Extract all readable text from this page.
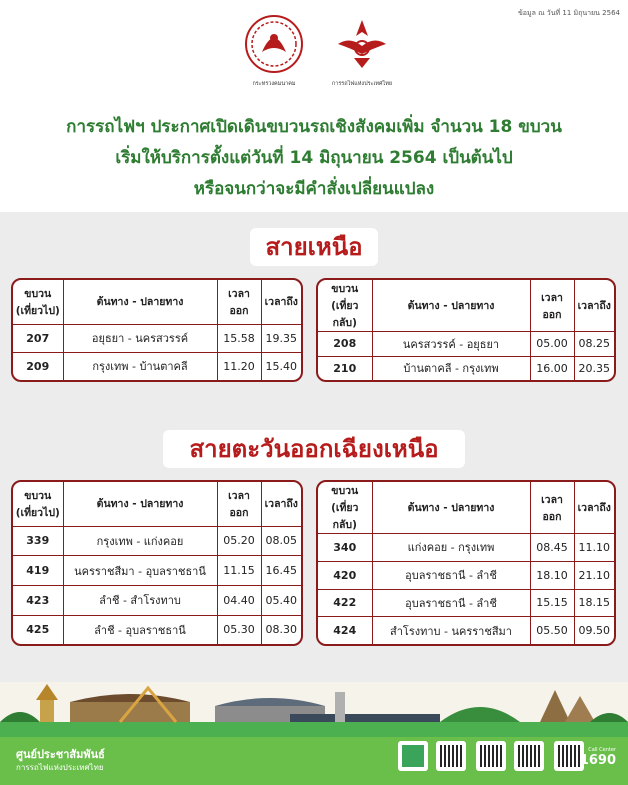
ข้อมูล ณ วันที่ 11 มิถุนายน 2564
กระทรวงคมนาคม	การรถไฟแห่งประเทศไทย
การรถไฟฯ ประกาศเปิดเดินขบวนรถเชิงสังคมเพิ่ม จำนวน 18 ขบวน
เริ่มให้บริการตั้งแต่วันที่ 14 มิถุนายน 2564 เป็นต้นไป
หรือจนกว่าจะมีคำสั่งเปลี่ยนแปลง
สายเหนือ
ขบวน
(เที่ยวไป)	ต้นทาง - ปลายทาง	เวลาออก	เวลาถึง
207	อยุธยา - นครสวรรค์	15.58	19.35
209	กรุงเทพ - บ้านตาคลี	11.20	15.40
ขบวน
(เที่ยวกลับ)	ต้นทาง - ปลายทาง	เวลาออก	เวลาถึง
208	นครสวรรค์ - อยุธยา	05.00	08.25
210	บ้านตาคลี - กรุงเทพ	16.00	20.35
สายตะวันออกเฉียงเหนือ
ขบวน
(เที่ยวไป)	ต้นทาง - ปลายทาง	เวลาออก	เวลาถึง
339	กรุงเทพ - แก่งคอย	05.20	08.05
419	นครราชสีมา - อุบลราชธานี	11.15	16.45
423	ลำชี - สำโรงทาบ	04.40	05.40
425	ลำชี - อุบลราชธานี	05.30	08.30
ขบวน
(เที่ยวกลับ)	ต้นทาง - ปลายทาง	เวลาออก	เวลาถึง
340	แก่งคอย - กรุงเทพ	08.45	11.10
420	อุบลราชธานี - ลำชี	18.10	21.10
422	อุบลราชธานี - ลำชี	15.15	18.15
424	สำโรงทาบ - นครราชสีมา	05.50	09.50
ศูนย์ประชาสัมพันธ์
การรถไฟแห่งประเทศไทย
Call Center
1690
